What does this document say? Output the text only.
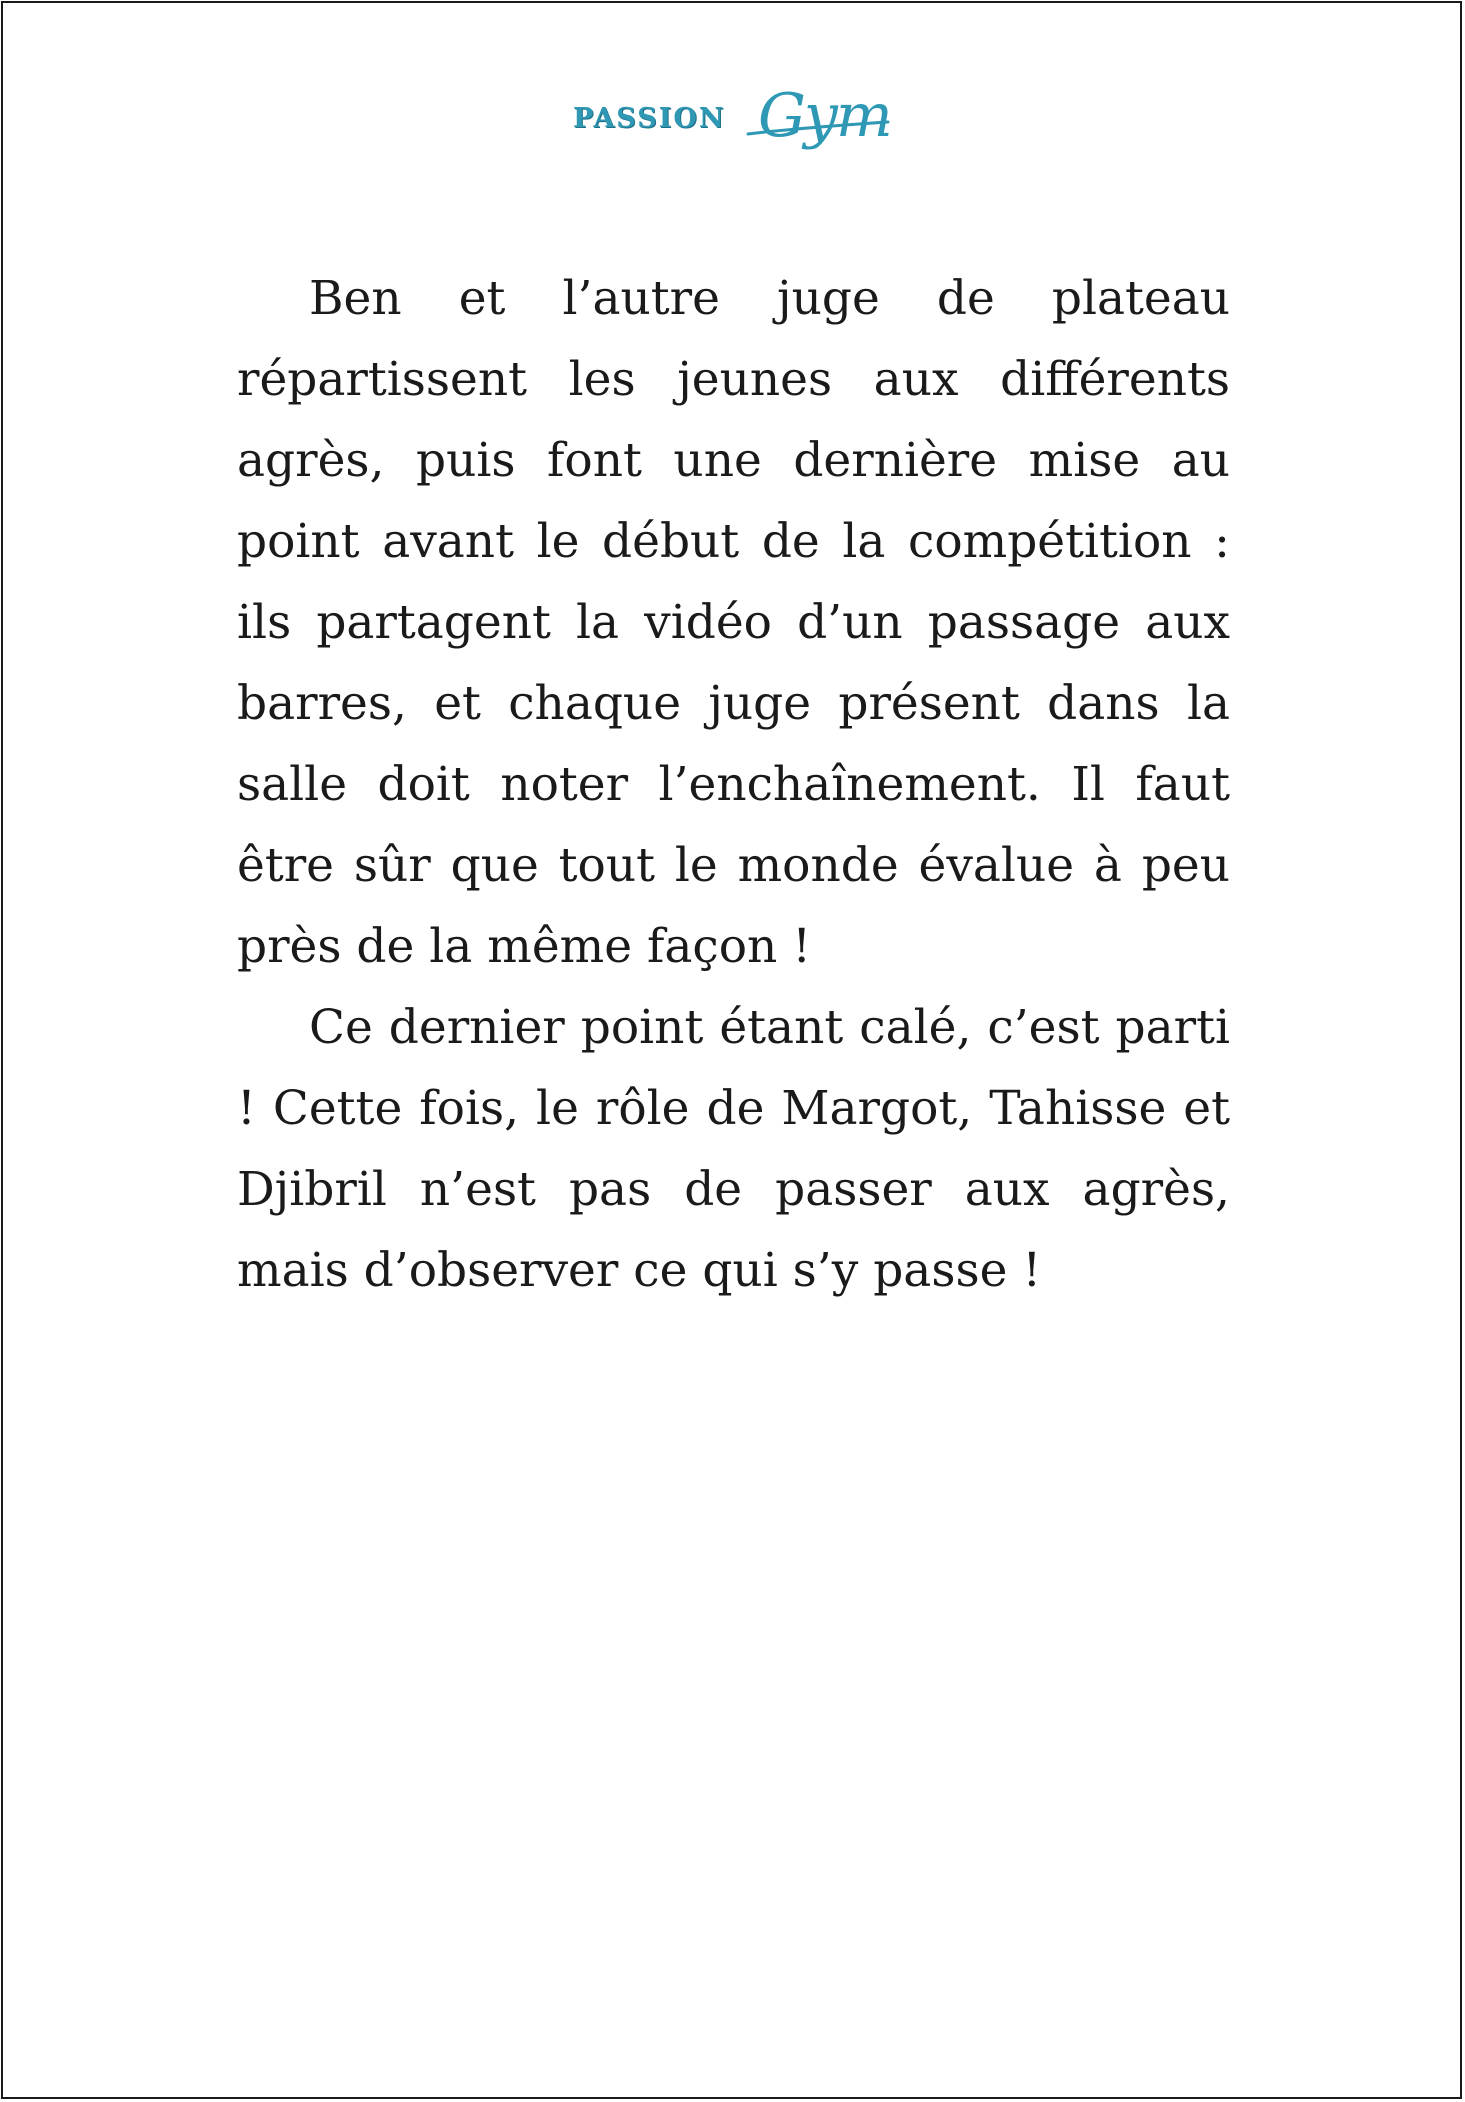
PASSION Gym

Ben et l’autre juge de plateau répartissent les jeunes aux différents agrès, puis font une dernière mise au point avant le début de la compétition : ils partagent la vidéo d’un passage aux barres, et chaque juge présent dans la salle doit noter l’enchaînement. Il faut être sûr que tout le monde évalue à peu près de la même façon !

Ce dernier point étant calé, c’est parti ! Cette fois, le rôle de Margot, Tahisse et Djibril n’est pas de passer aux agrès, mais d’observer ce qui s’y passe !
